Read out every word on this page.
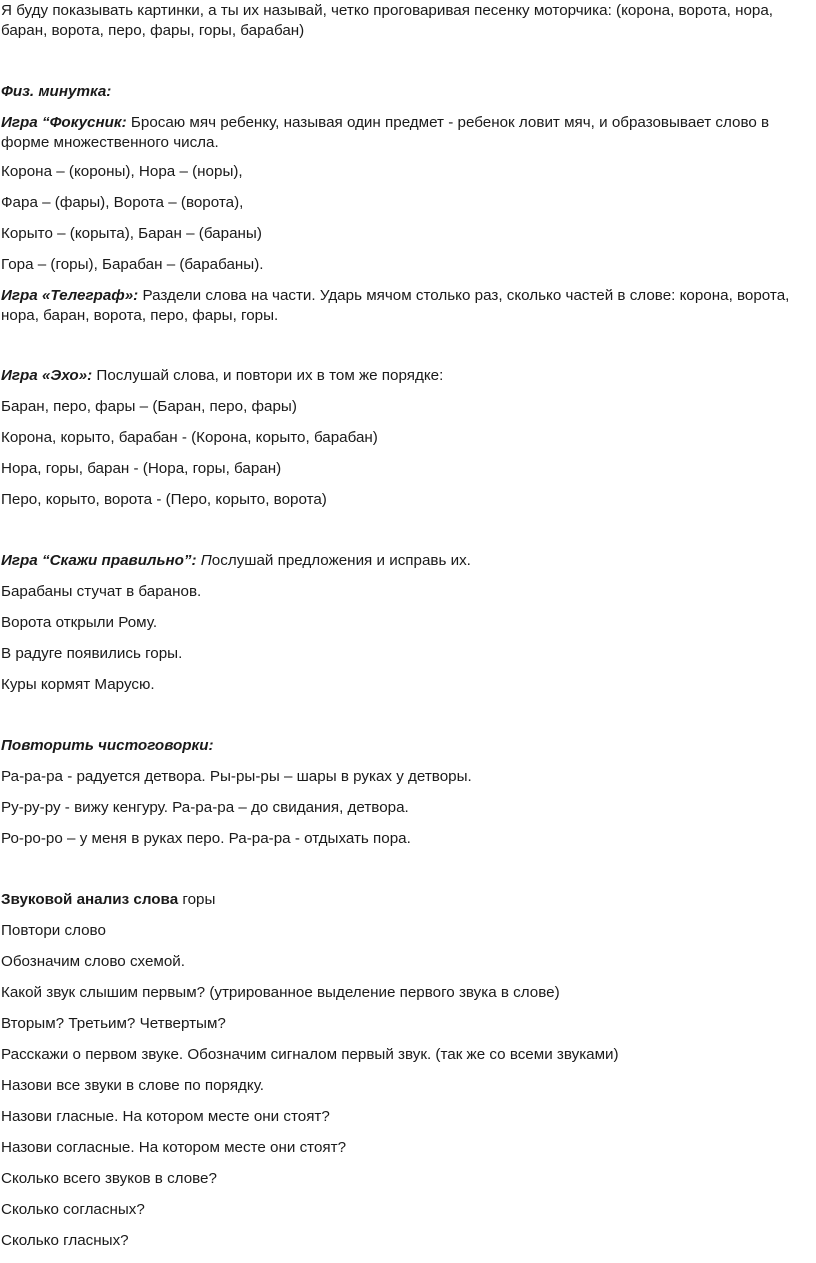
Я буду показывать картинки, а ты их называй, четко проговаривая песенку моторчика: (корона, ворота, нора, баран, ворота, перо, фары, горы, барабан)
Физ. минутка:
Игра “Фокусник: Бросаю мяч ребенку, называя один предмет - ребенок ловит мяч, и образовывает слово в форме множественного числа.
Корона – (короны), Нора – (норы),
Фара – (фары), Ворота – (ворота),
Корыто – (корыта), Баран – (бараны)
Гора – (горы), Барабан – (барабаны).
Игра «Телеграф»: Раздели слова на части. Ударь мячом столько раз, сколько частей в слове: корона, ворота, нора, баран, ворота, перо, фары, горы.
Игра «Эхо»: Послушай слова, и повтори их в том же порядке:
Баран, перо, фары – (Баран, перо, фары)
Корона, корыто, барабан - (Корона, корыто, барабан)
Нора, горы, баран - (Нора, горы, баран)
Перо, корыто, ворота - (Перо, корыто, ворота)
Игра “Скажи правильно”: Послушай предложения и исправь их.
Барабаны стучат в баранов.
Ворота открыли Рому.
В радуге появились горы.
Куры кормят Марусю.
Повторить чистоговорки:
Ра-ра-ра - радуется детвора. Ры-ры-ры – шары в руках у детворы.
Ру-ру-ру - вижу кенгуру. Ра-ра-ра – до свидания, детвора.
Ро-ро-ро – у меня в руках перо. Ра-ра-ра - отдыхать пора.
Звуковой анализ слова горы
Повтори слово
Обозначим слово схемой.
Какой звук слышим первым? (утрированное выделение первого звука в слове)
Вторым? Третьим? Четвертым?
Расскажи о первом звуке. Обозначим сигналом первый звук. (так же со всеми звуками)
Назови все звуки в слове по порядку.
Назови гласные. На котором месте они стоят?
Назови согласные. На котором месте они стоят?
Сколько всего звуков в слове?
Сколько согласных?
Сколько гласных?
